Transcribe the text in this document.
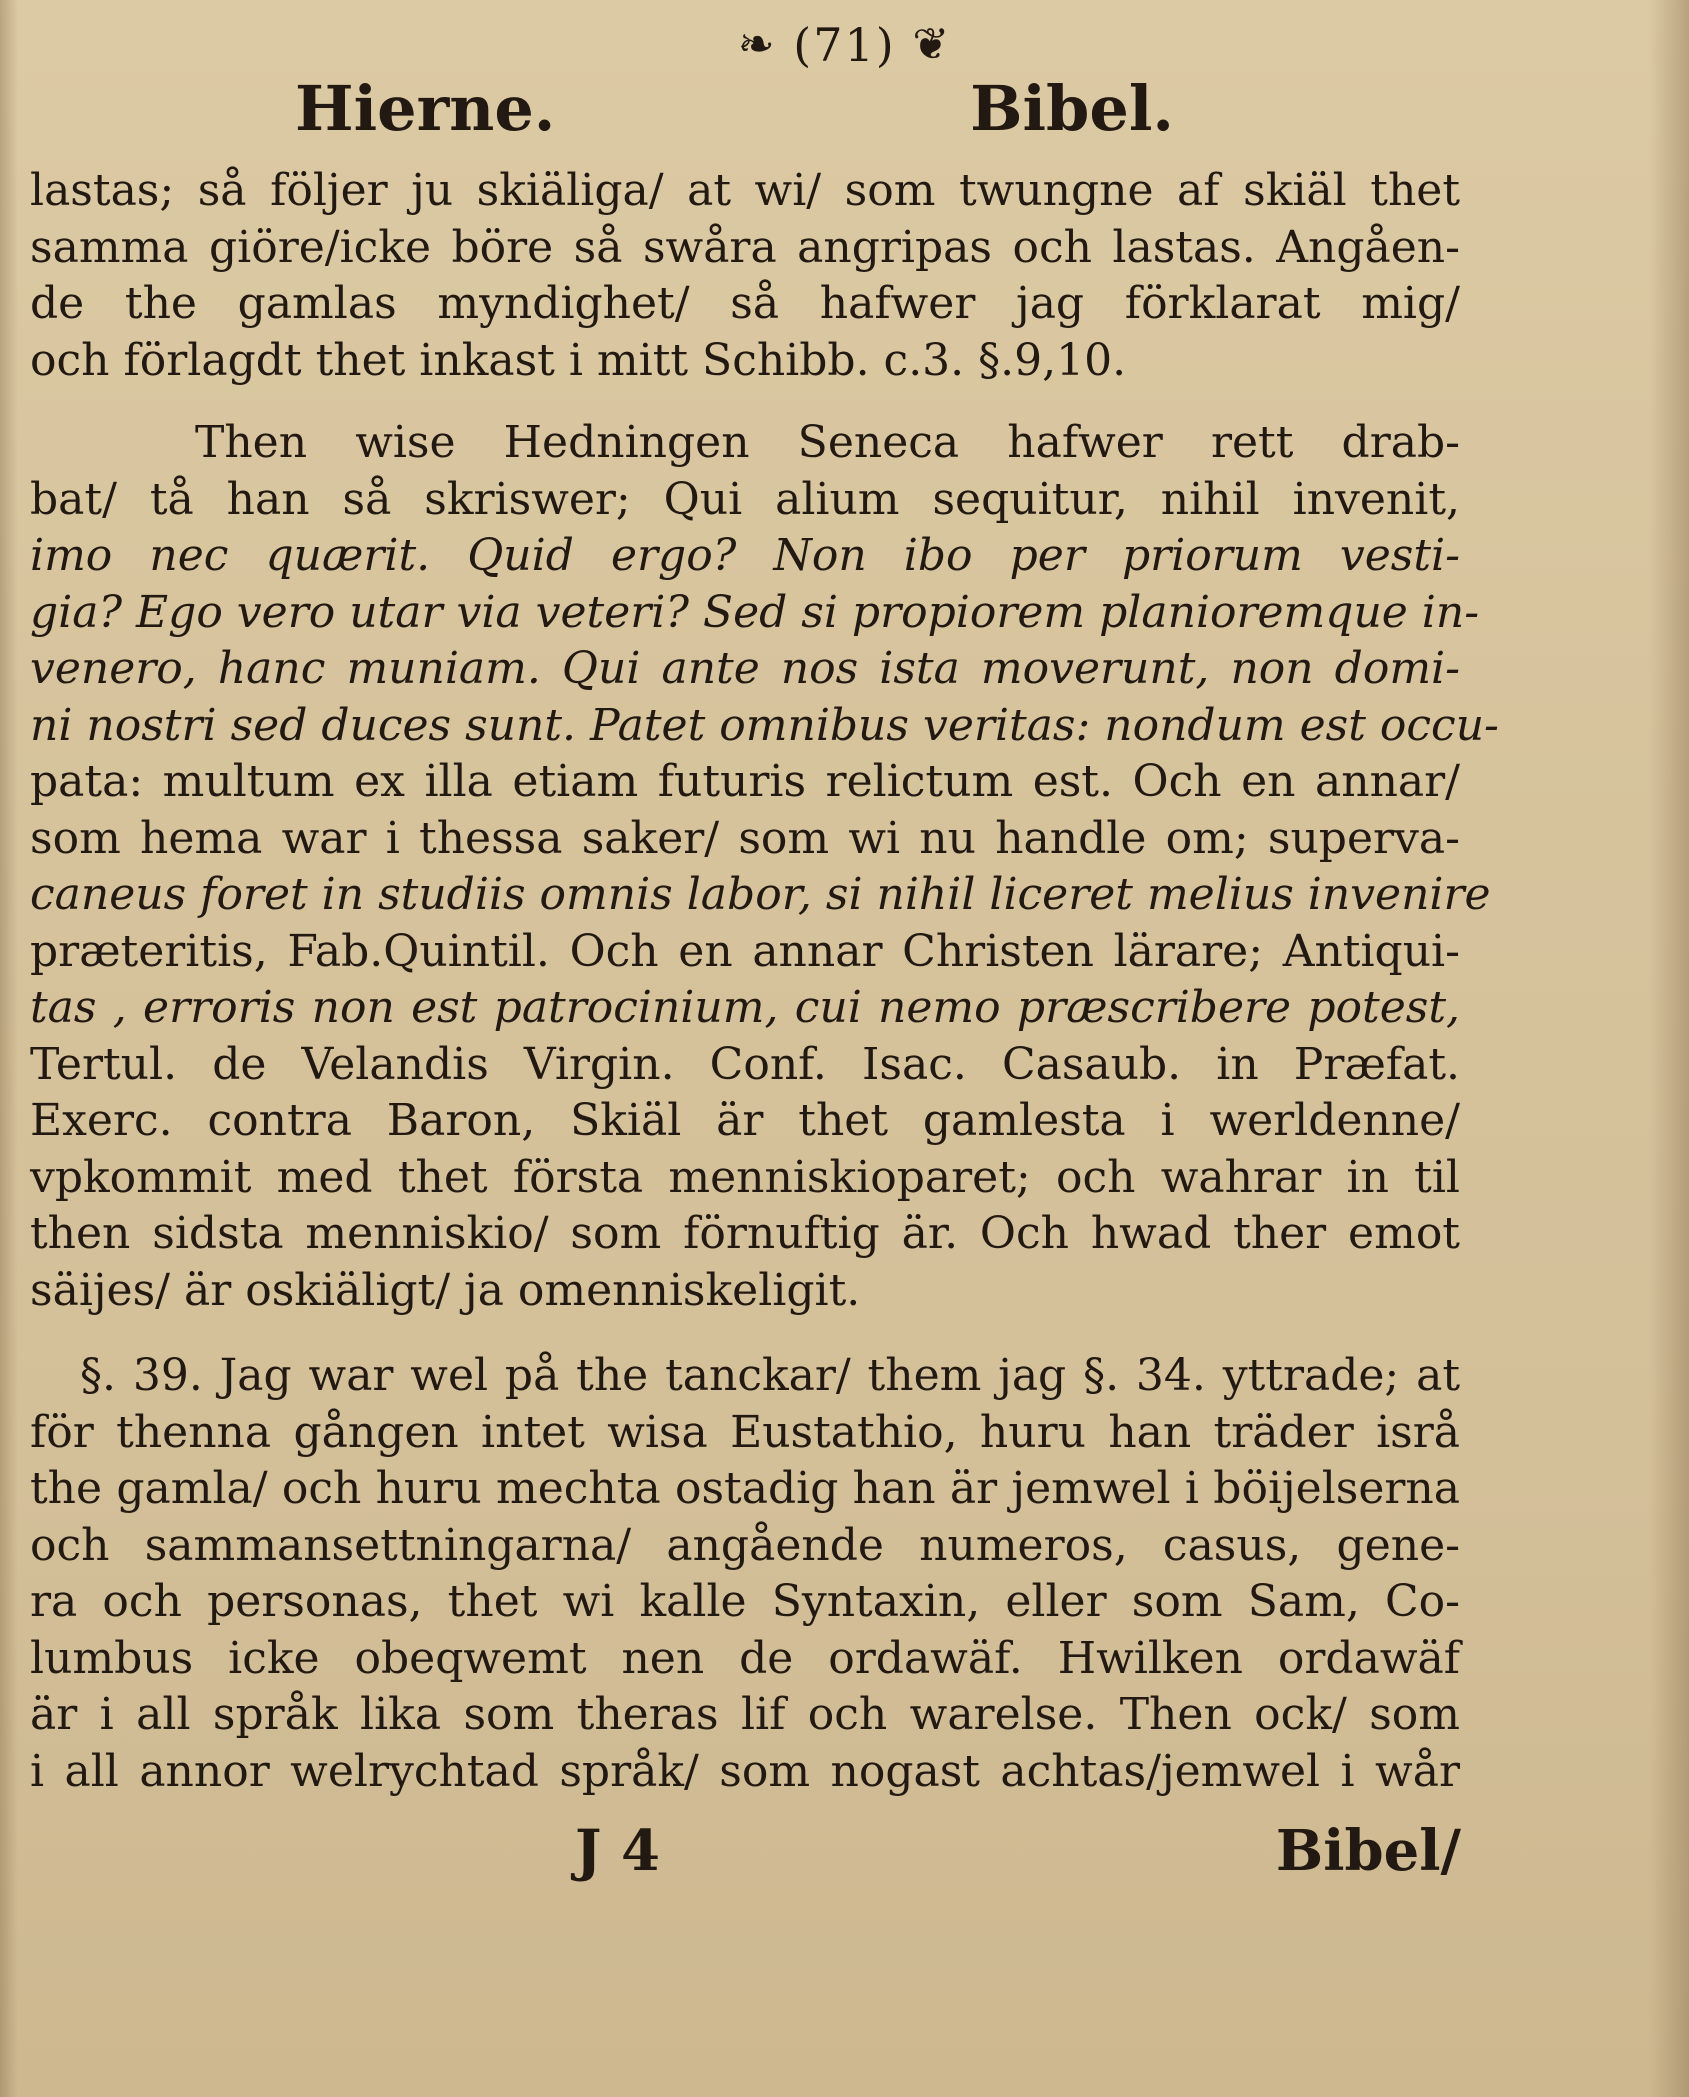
❧ (71) ❦
Hierne.	Bibel.
lastas; så följer ju skiäliga/ at wi/ som twungne af skiäl thet
samma giöre/icke böre så swåra angripas och lastas. Angåen-
de the gamlas myndighet/ så hafwer jag förklarat mig/
och förlagdt thet inkast i mitt Schibb. c.3. §.9,10.
Then wise Hedningen Seneca hafwer rett drab-
bat/ tå han så skriswer; Qui alium sequitur, nihil invenit,
imo nec quærit. Quid ergo? Non ibo per priorum vesti-
gia? Ego vero utar via veteri? Sed si propiorem planioremque in-
venero, hanc muniam. Qui ante nos ista moverunt, non domi-
ni nostri sed duces sunt. Patet omnibus veritas: nondum est occu-
pata: multum ex illa etiam futuris relictum est. Och en annar/
som hema war i thessa saker/ som wi nu handle om; superva-
caneus foret in studiis omnis labor, si nihil liceret melius invenire
præteritis, Fab.Quintil. Och en annar Christen lärare; Antiqui-
tas , erroris non est patrocinium, cui nemo præscribere potest,
Tertul. de Velandis Virgin. Conf. Isac. Casaub. in Præfat.
Exerc. contra Baron, Skiäl är thet gamlesta i werldenne/
vpkommit med thet första menniskioparet; och wahrar in til
then sidsta menniskio/ som förnuftig är. Och hwad ther emot
säijes/ är oskiäligt/ ja omenniskeligit.
§. 39. Jag war wel på the tanckar/ them jag §. 34. yttrade; at
för thenna gången intet wisa Eustathio, huru han träder isrå
the gamla/ och huru mechta ostadig han är jemwel i böijelserna
och sammansettningarna/ angående numeros, casus, gene-
ra och personas, thet wi kalle Syntaxin, eller som Sam, Co-
lumbus icke obeqwemt nen de ordawäf. Hwilken ordawäf
är i all språk lika som theras lif och warelse. Then ock/ som
i all annor welrychtad språk/ som nogast achtas/jemwel i wår
J 4	Bibel/
